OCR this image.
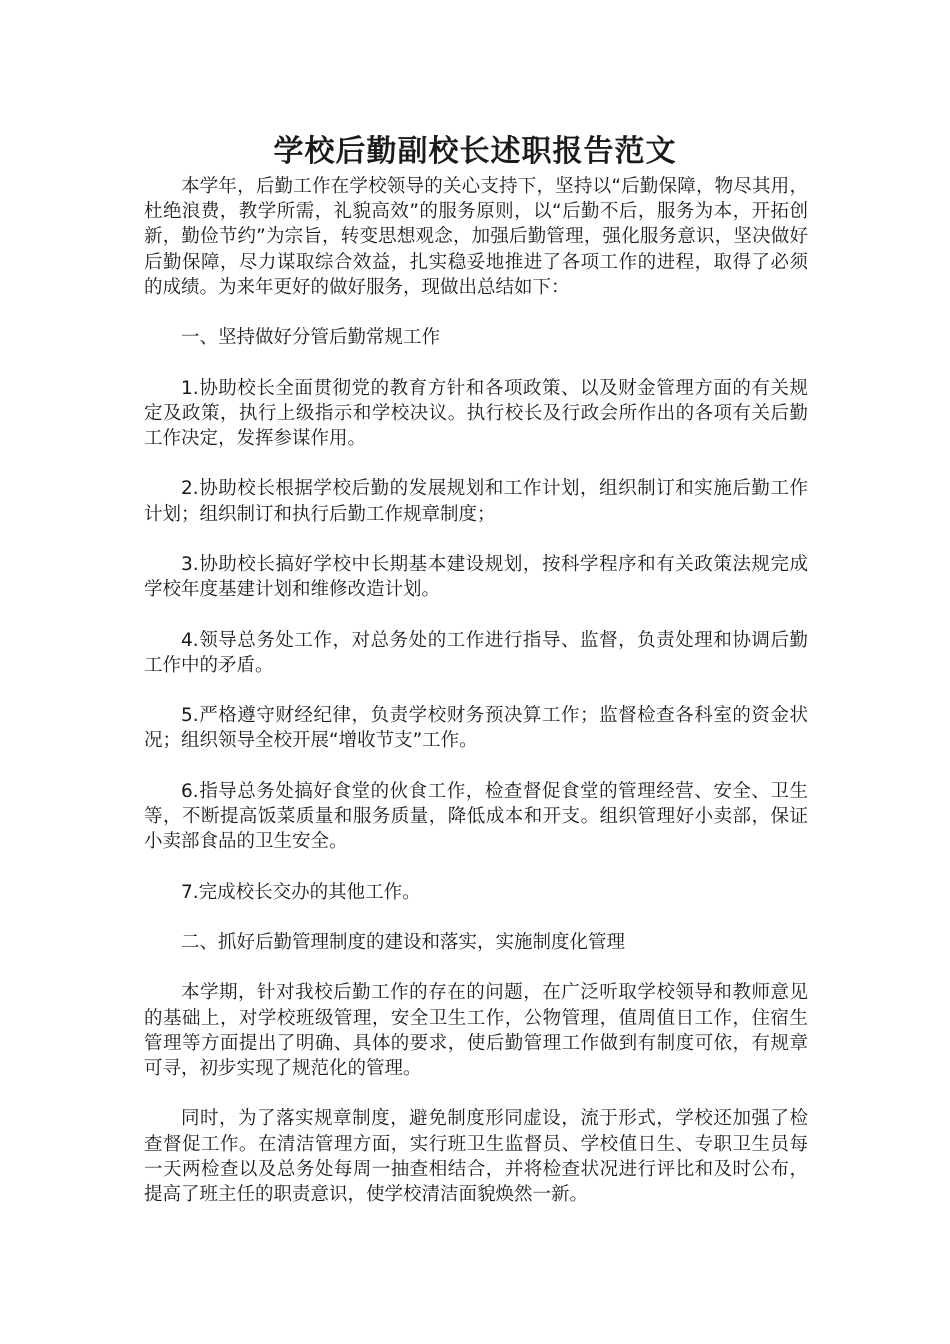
学校后勤副校长述职报告范文

本学年，后勤工作在学校领导的关心支持下，坚持以“后勤保障，物尽其用，杜绝浪费，教学所需，礼貌高效”的服务原则，以“后勤不后，服务为本，开拓创新，勤俭节约”为宗旨，转变思想观念，加强后勤管理，强化服务意识，坚决做好后勤保障，尽力谋取综合效益，扎实稳妥地推进了各项工作的进程，取得了必须的成绩。为来年更好的做好服务，现做出总结如下：

一、坚持做好分管后勤常规工作

1.协助校长全面贯彻党的教育方针和各项政策、以及财金管理方面的有关规定及政策，执行上级指示和学校决议。执行校长及行政会所作出的各项有关后勤工作决定，发挥参谋作用。

2.协助校长根据学校后勤的发展规划和工作计划，组织制订和实施后勤工作计划；组织制订和执行后勤工作规章制度；

3.协助校长搞好学校中长期基本建设规划，按科学程序和有关政策法规完成学校年度基建计划和维修改造计划。

4.领导总务处工作，对总务处的工作进行指导、监督，负责处理和协调后勤工作中的矛盾。

5.严格遵守财经纪律，负责学校财务预决算工作；监督检查各科室的资金状况；组织领导全校开展“增收节支”工作。

6.指导总务处搞好食堂的伙食工作，检查督促食堂的管理经营、安全、卫生等，不断提高饭菜质量和服务质量，降低成本和开支。组织管理好小卖部，保证小卖部食品的卫生安全。

7.完成校长交办的其他工作。

二、抓好后勤管理制度的建设和落实，实施制度化管理

本学期，针对我校后勤工作的存在的问题，在广泛听取学校领导和教师意见的基础上，对学校班级管理，安全卫生工作，公物管理，值周值日工作，住宿生管理等方面提出了明确、具体的要求，使后勤管理工作做到有制度可依，有规章可寻，初步实现了规范化的管理。

同时，为了落实规章制度，避免制度形同虚设，流于形式，学校还加强了检查督促工作。在清洁管理方面，实行班卫生监督员、学校值日生、专职卫生员每一天两检查以及总务处每周一抽查相结合，并将检查状况进行评比和及时公布，提高了班主任的职责意识，使学校清洁面貌焕然一新。
